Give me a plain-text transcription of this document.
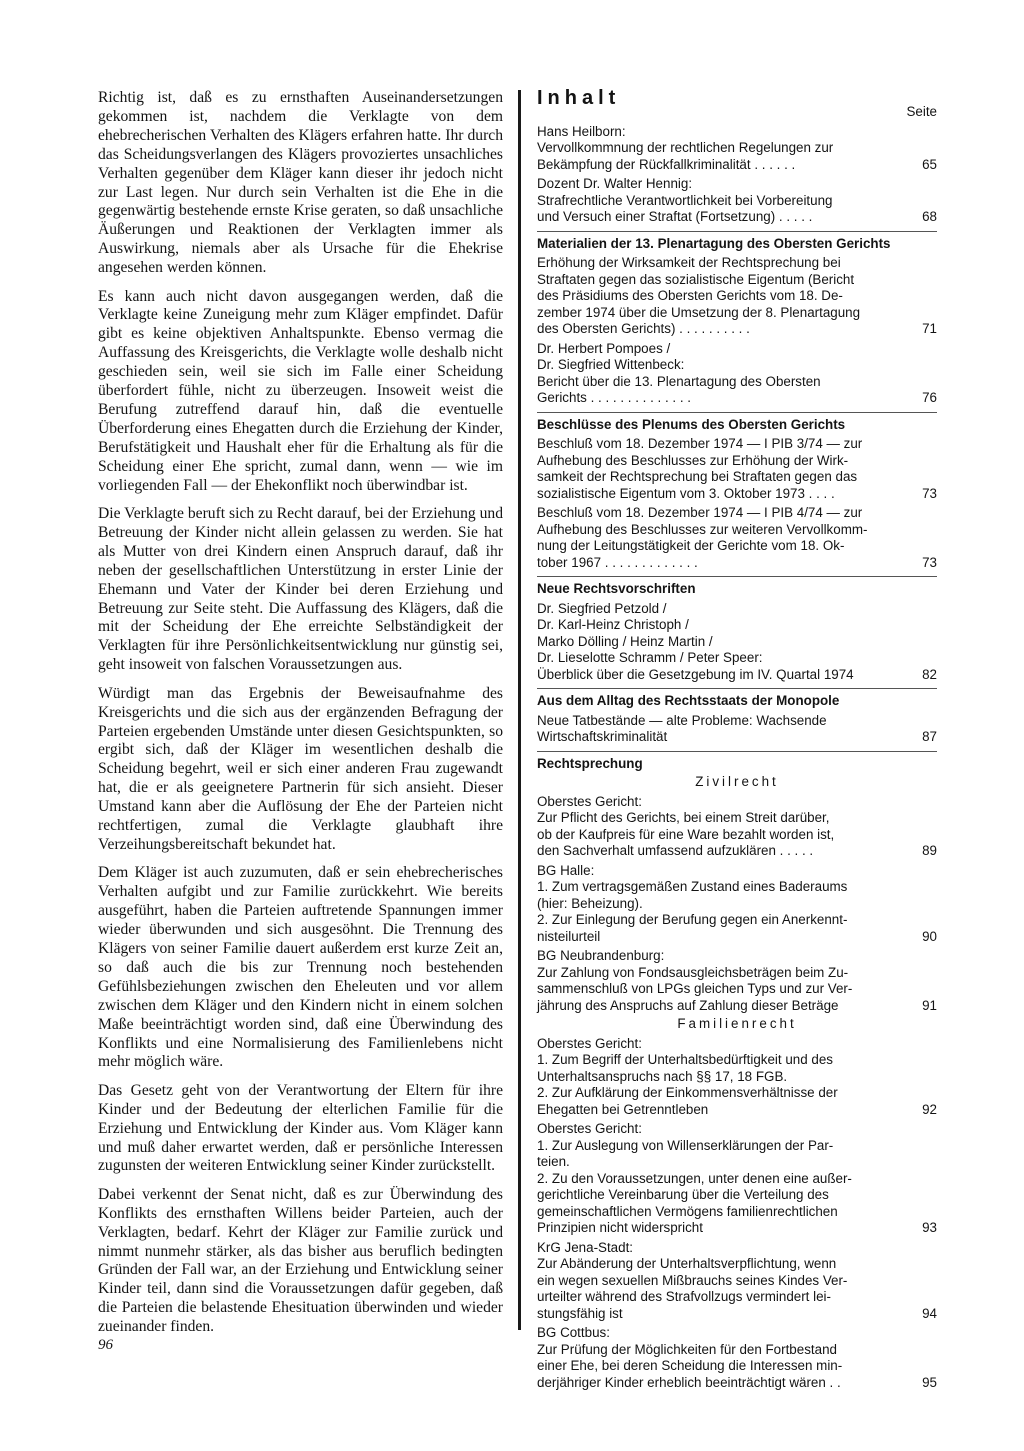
Richtig ist, daß es zu ernsthaften Auseinandersetzungen gekommen ist, nachdem die Verklagte von dem ehebrecherischen Verhalten des Klägers erfahren hatte. Ihr durch das Scheidungsverlangen des Klägers provoziertes unsachliches Verhalten gegenüber dem Kläger kann dieser ihr jedoch nicht zur Last legen. Nur durch sein Verhalten ist die Ehe in die gegenwärtig bestehende ernste Krise geraten, so daß unsachliche Äußerungen und Reaktionen der Verklagten immer als Auswirkung, niemals aber als Ursache für die Ehekrise angesehen werden können.

Es kann auch nicht davon ausgegangen werden, daß die Verklagte keine Zuneigung mehr zum Kläger empfindet. Dafür gibt es keine objektiven Anhaltspunkte. Ebenso vermag die Auffassung des Kreisgerichts, die Verklagte wolle deshalb nicht geschieden sein, weil sie sich im Falle einer Scheidung überfordert fühle, nicht zu überzeugen. Insoweit weist die Berufung zutreffend darauf hin, daß die eventuelle Überforderung eines Ehegatten durch die Erziehung der Kinder, Berufstätigkeit und Haushalt eher für die Erhaltung als für die Scheidung einer Ehe spricht, zumal dann, wenn — wie im vorliegenden Fall — der Ehekonflikt noch überwindbar ist.

Die Verklagte beruft sich zu Recht darauf, bei der Erziehung und Betreuung der Kinder nicht allein gelassen zu werden. Sie hat als Mutter von drei Kindern einen Anspruch darauf, daß ihr neben der gesellschaftlichen Unterstützung in erster Linie der Ehemann und Vater der Kinder bei deren Erziehung und Betreuung zur Seite steht. Die Auffassung des Klägers, daß die mit der Scheidung der Ehe erreichte Selbständigkeit der Verklagten für ihre Persönlichkeitsentwicklung nur günstig sei, geht insoweit von falschen Voraussetzungen aus.

Würdigt man das Ergebnis der Beweisaufnahme des Kreisgerichts und die sich aus der ergänzenden Befragung der Parteien ergebenden Umstände unter diesen Gesichtspunkten, so ergibt sich, daß der Kläger im wesentlichen deshalb die Scheidung begehrt, weil er sich einer anderen Frau zugewandt hat, die er als geeignetere Partnerin für sich ansieht. Dieser Umstand kann aber die Auflösung der Ehe der Parteien nicht rechtfertigen, zumal die Verklagte glaubhaft ihre Verzeihungsbereitschaft bekundet hat.

Dem Kläger ist auch zuzumuten, daß er sein ehebrecherisches Verhalten aufgibt und zur Familie zurückkehrt. Wie bereits ausgeführt, haben die Parteien auftretende Spannungen immer wieder überwunden und sich ausgesöhnt. Die Trennung des Klägers von seiner Familie dauert außerdem erst kurze Zeit an, so daß auch die bis zur Trennung noch bestehenden Gefühlsbeziehungen zwischen den Eheleuten und vor allem zwischen dem Kläger und den Kindern nicht in einem solchen Maße beeinträchtigt worden sind, daß eine Überwindung des Konflikts und eine Normalisierung des Familienlebens nicht mehr möglich wäre.

Das Gesetz geht von der Verantwortung der Eltern für ihre Kinder und der Bedeutung der elterlichen Familie für die Erziehung und Entwicklung der Kinder aus. Vom Kläger kann und muß daher erwartet werden, daß er persönliche Interessen zugunsten der weiteren Entwicklung seiner Kinder zurückstellt.

Dabei verkennt der Senat nicht, daß es zur Überwindung des Konflikts des ernsthaften Willens beider Parteien, auch der Verklagten, bedarf. Kehrt der Kläger zur Familie zurück und nimmt nunmehr stärker, als das bisher aus beruflich bedingten Gründen der Fall war, an der Erziehung und Entwicklung seiner Kinder teil, dann sind die Voraussetzungen dafür gegeben, daß die Parteien die belastende Ehesituation überwinden und wieder zueinander finden.

96
Inhalt
Seite
Hans Heilborn:
Vervollkommnung der rechtlichen Regelungen zur
Bekämpfung der Rückfallkriminalität . . . . . .	65
Dozent Dr. Walter Hennig:
Strafrechtliche Verantwortlichkeit bei Vorbereitung
und Versuch einer Straftat (Fortsetzung) . . . . .	68
Materialien der 13. Plenartagung des Obersten Gerichts
Erhöhung der Wirksamkeit der Rechtsprechung bei
Straftaten gegen das sozialistische Eigentum (Bericht
des Präsidiums des Obersten Gerichts vom 18. De-
zember 1974 über die Umsetzung der 8. Plenartagung
des Obersten Gerichts) . . . . . . . . . .	71
Dr. Herbert Pompoes /
Dr. Siegfried Wittenbeck:
Bericht über die 13. Plenartagung des Obersten
Gerichts . . . . . . . . . . . . . .	76
Beschlüsse des Plenums des Obersten Gerichts
Beschluß vom 18. Dezember 1974 — I PIB 3/74 — zur
Aufhebung des Beschlusses zur Erhöhung der Wirk-
samkeit der Rechtsprechung bei Straftaten gegen das
sozialistische Eigentum vom 3. Oktober 1973 . . . .	73
Beschluß vom 18. Dezember 1974 — I PIB 4/74 — zur
Aufhebung des Beschlusses zur weiteren Vervollkomm-
nung der Leitungstätigkeit der Gerichte vom 18. Ok-
tober 1967 . . . . . . . . . . . . .	73
Neue Rechtsvorschriften
Dr. Siegfried Petzold /
Dr. Karl-Heinz Christoph /
Marko Dölling / Heinz Martin /
Dr. Lieselotte Schramm / Peter Speer:
Überblick über die Gesetzgebung im IV. Quartal 1974	82
Aus dem Alltag des Rechtsstaats der Monopole
Neue Tatbestände — alte Probleme: Wachsende
Wirtschaftskriminalität	87
Rechtsprechung
Zivilrecht
Oberstes Gericht:
Zur Pflicht des Gerichts, bei einem Streit darüber,
ob der Kaufpreis für eine Ware bezahlt worden ist,
den Sachverhalt umfassend aufzuklären . . . . .	89
BG Halle:
1. Zum vertragsgemäßen Zustand eines Baderaums
(hier: Beheizung).
2. Zur Einlegung der Berufung gegen ein Anerkennt-
nisteilurteil	90
BG Neubrandenburg:
Zur Zahlung von Fondsausgleichsbeträgen beim Zu-
sammenschluß von LPGs gleichen Typs und zur Ver-
jährung des Anspruchs auf Zahlung dieser Beträge	91
Familienrecht
Oberstes Gericht:
1. Zum Begriff der Unterhaltsbedürftigkeit und des
Unterhaltsanspruchs nach §§ 17, 18 FGB.
2. Zur Aufklärung der Einkommensverhältnisse der
Ehegatten bei Getrenntleben	92
Oberstes Gericht:
1. Zur Auslegung von Willenserklärungen der Par-
teien.
2. Zu den Voraussetzungen, unter denen eine außer-
gerichtliche Vereinbarung über die Verteilung des
gemeinschaftlichen Vermögens familienrechtlichen
Prinzipien nicht widerspricht	93
KrG Jena-Stadt:
Zur Abänderung der Unterhaltsverpflichtung, wenn
ein wegen sexuellen Mißbrauchs seines Kindes Ver-
urteilter während des Strafvollzugs vermindert lei-
stungsfähig ist	94
BG Cottbus:
Zur Prüfung der Möglichkeiten für den Fortbestand
einer Ehe, bei deren Scheidung die Interessen min-
derjähriger Kinder erheblich beeinträchtigt wären . .	95
